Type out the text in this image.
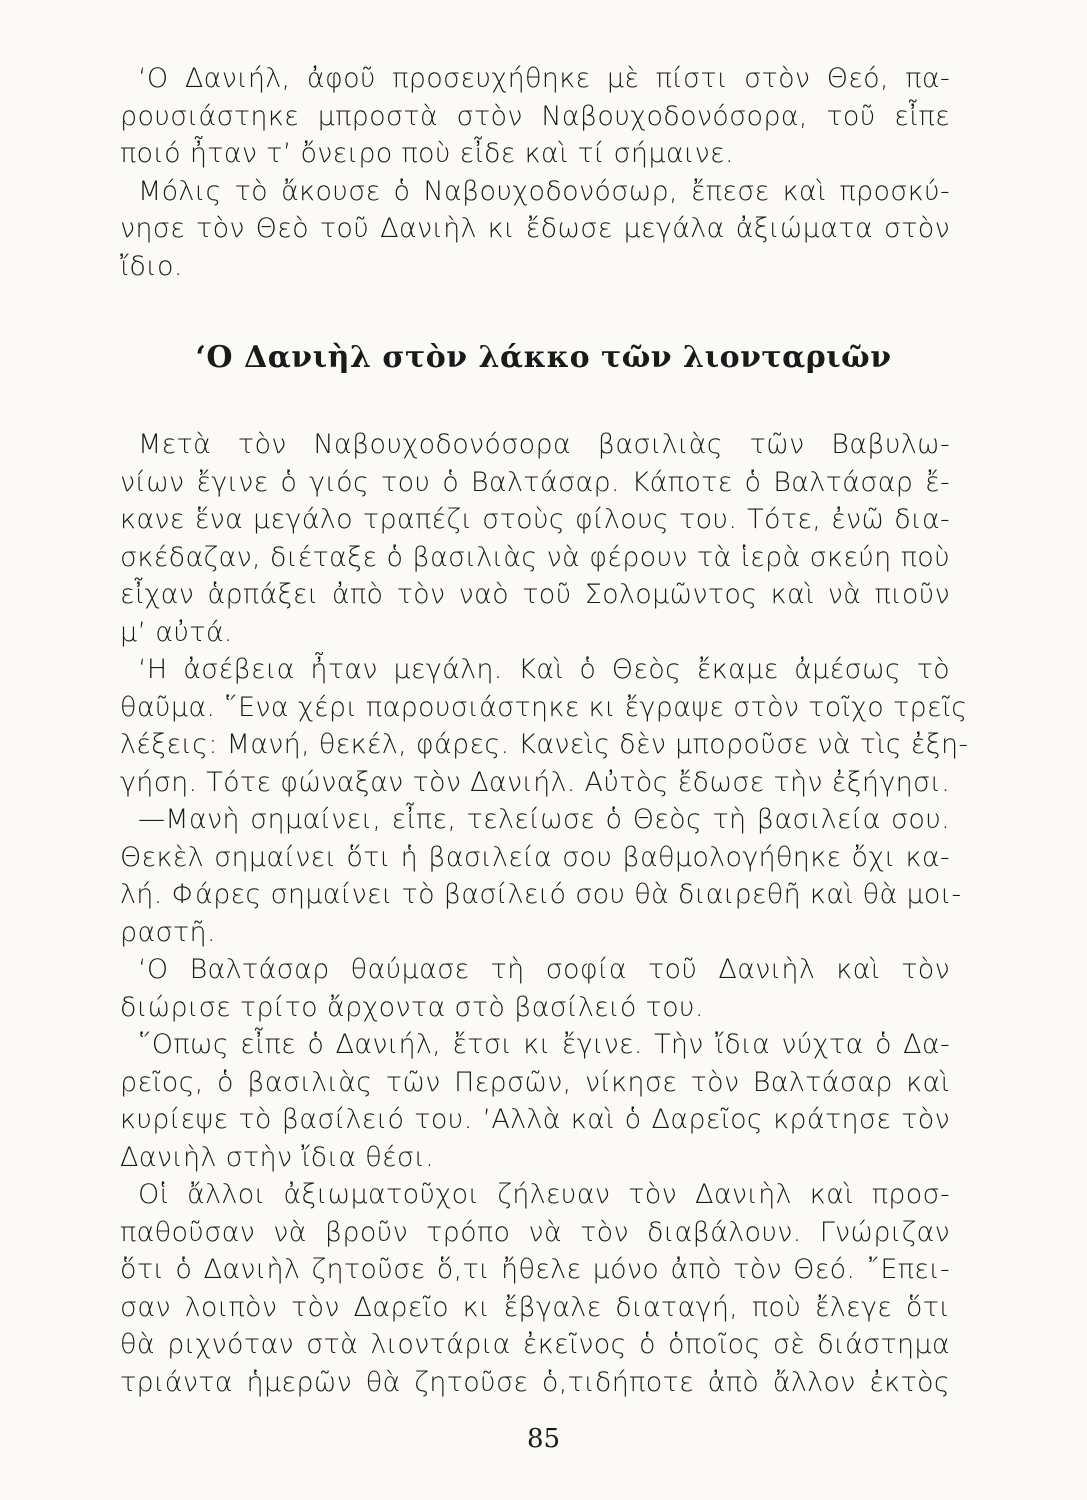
‘Ο Δανιήλ, ἀφοῦ προσευχήθηκε μὲ πίστι στὸν Θεό, πα-
ρουσιάστηκε μπροστὰ στὸν Ναβουχοδονόσορα, τοῦ εἶπε
ποιό ἦταν τ’ ὄνειρο ποὺ εἶδε καὶ τί σήμαινε.
Μόλις τὸ ἄκουσε ὁ Ναβουχοδονόσωρ, ἔπεσε καὶ προσκύ-
νησε τὸν Θεὸ τοῦ Δανιὴλ κι ἔδωσε μεγάλα ἀξιώματα στὸν
ἴδιο.
‘Ο Δανιὴλ στὸν λάκκο τῶν λιονταριῶν
Μετὰ τὸν Ναβουχοδονόσορα βασιλιὰς τῶν Βαβυλω-
νίων ἔγινε ὁ γιός του ὁ Βαλτάσαρ. Κάποτε ὁ Βαλτάσαρ ἔ-
κανε ἕνα μεγάλο τραπέζι στοὺς φίλους του. Τότε, ἐνῶ δια-
σκέδαζαν, διέταξε ὁ βασιλιὰς νὰ φέρουν τὰ ἱερὰ σκεύη ποὺ
εἶχαν ἁρπάξει ἀπὸ τὸν ναὸ τοῦ Σολομῶντος καὶ νὰ πιοῦν
μ’ αὐτά.
‘Η ἀσέβεια ἦταν μεγάλη. Καὶ ὁ Θεὸς ἔκαμε ἀμέσως τὸ
θαῦμα. ῞Ενα χέρι παρουσιάστηκε κι ἔγραψε στὸν τοῖχο τρεῖς
λέξεις: Μανή, θεκέλ, φάρες. Κανεὶς δὲν μποροῦσε νὰ τὶς ἐξη-
γήση. Τότε φώναξαν τὸν Δανιήλ. Αὐτὸς ἔδωσε τὴν ἐξήγησι.
—Μανὴ σημαίνει, εἶπε, τελείωσε ὁ Θεὸς τὴ βασιλεία σου.
Θεκὲλ σημαίνει ὅτι ἡ βασιλεία σου βαθμολογήθηκε ὄχι κα-
λή. Φάρες σημαίνει τὸ βασίλειό σου θὰ διαιρεθῆ καὶ θὰ μοι-
ραστῆ.
‘Ο Βαλτάσαρ θαύμασε τὴ σοφία τοῦ Δανιὴλ καὶ τὸν
διώρισε τρίτο ἄρχοντα στὸ βασίλειό του.
῞Οπως εἶπε ὁ Δανιήλ, ἔτσι κι ἔγινε. Τὴν ἴδια νύχτα ὁ Δα-
ρεῖος, ὁ βασιλιὰς τῶν Περσῶν, νίκησε τὸν Βαλτάσαρ καὶ
κυρίεψε τὸ βασίλειό του. ’Αλλὰ καὶ ὁ Δαρεῖος κράτησε τὸν
Δανιὴλ στὴν ἴδια θέσι.
Οἱ ἄλλοι ἀξιωματοῦχοι ζήλευαν τὸν Δανιὴλ καὶ προσ-
παθοῦσαν νὰ βροῦν τρόπο νὰ τὸν διαβάλουν. Γνώριζαν
ὅτι ὁ Δανιὴλ ζητοῦσε ὅ,τι ἤθελε μόνο ἀπὸ τὸν Θεό. ῎Επει-
σαν λοιπὸν τὸν Δαρεῖο κι ἔβγαλε διαταγή, ποὺ ἔλεγε ὅτι
θὰ ριχνόταν στὰ λιοντάρια ἐκεῖνος ὁ ὁποῖος σὲ διάστημα
τριάντα ἡμερῶν θὰ ζητοῦσε ὁ,τιδήποτε ἀπὸ ἄλλον ἐκτὸς
85
